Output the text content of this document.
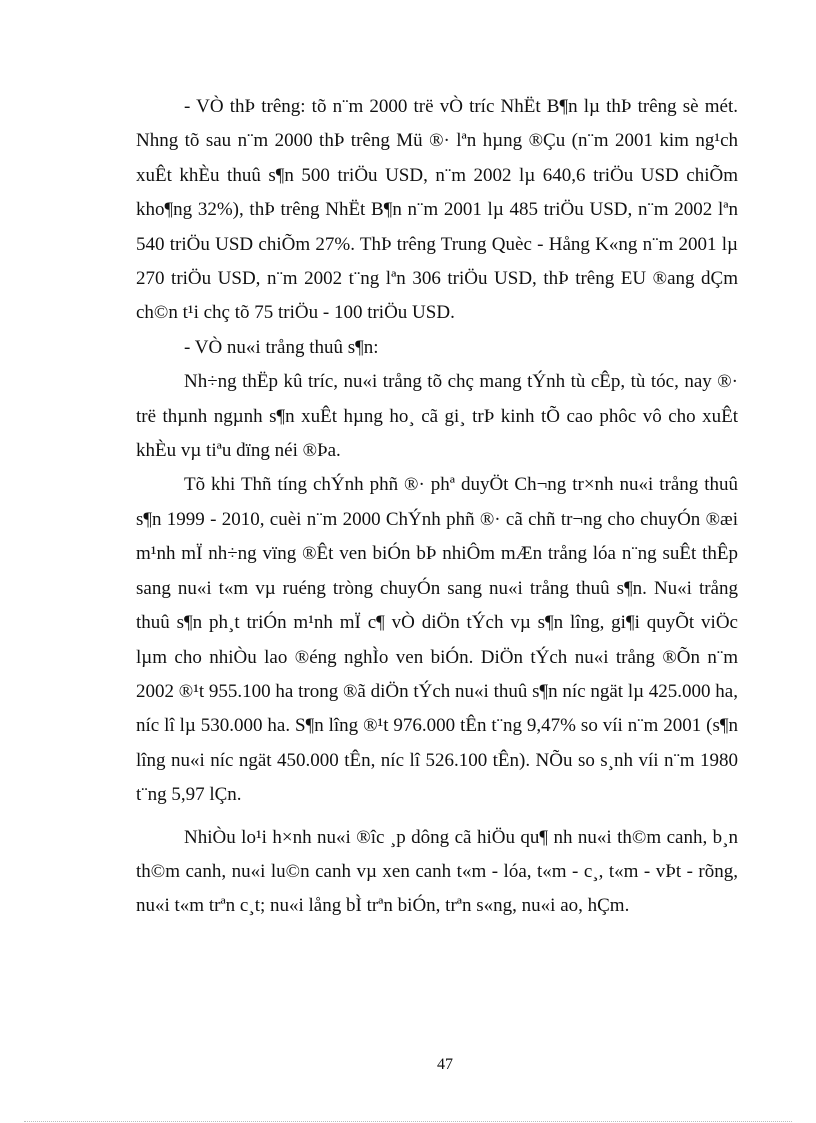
- VÒ thÞ trêng: tõ n¨m 2000 trë vÒ tríc NhËt B¶n lµ thÞ trêng sè mét. Nhng tõ sau n¨m 2000 thÞ trêng Mü ®· lªn hµng ®Çu (n¨m 2001 kim ng¹ch xuÊt khÈu thuû s¶n 500 triÖu USD, n¨m 2002 lµ 640,6 triÖu USD chiÕm kho¶ng 32%), thÞ trêng NhËt B¶n n¨m 2001 lµ 485 triÖu USD, n¨m 2002 lªn 540 triÖu USD chiÕm 27%. ThÞ trêng Trung Quèc - Hång K«ng n¨m 2001 lµ 270 triÖu USD, n¨m 2002 t¨ng lªn 306 triÖu USD, thÞ trêng EU ®ang dÇm ch©n t¹i chç tõ 75 triÖu - 100 triÖu USD.

- VÒ nu«i trång thuû s¶n:

Nh÷ng thËp kû tríc, nu«i trång tõ chç mang tÝnh tù cÊp, tù tóc, nay ®· trë thµnh ngµnh s¶n xuÊt hµng ho¸ cã gi¸ trÞ kinh tÕ cao phôc vô cho xuÊt khÈu vµ tiªu dïng néi ®Þa.

Tõ khi Thñ tíng chÝnh phñ ®· phª duyÖt Ch¬ng tr×nh nu«i trång thuû s¶n 1999 - 2010, cuèi n¨m 2000 ChÝnh phñ ®· cã chñ tr¬ng cho chuyÓn ®æi m¹nh mÏ nh÷ng vïng ®Êt ven biÓn bÞ nhiÔm mÆn trång lóa n¨ng suÊt thÊp sang nu«i t«m vµ ruéng tròng chuyÓn sang nu«i trång thuû s¶n. Nu«i trång thuû s¶n ph¸t triÓn m¹nh mÏ c¶ vÒ diÖn tÝch vµ s¶n lîng, gi¶i quyÕt viÖc lµm cho nhiÒu lao ®éng nghÌo ven biÓn. DiÖn tÝch nu«i trång ®Õn n¨m 2002 ®¹t 955.100 ha trong ®ã diÖn tÝch nu«i thuû s¶n níc ngät lµ 425.000 ha, níc lî lµ 530.000 ha. S¶n lîng ®¹t 976.000 tÊn t¨ng 9,47% so víi n¨m 2001 (s¶n lîng nu«i níc ngät 450.000 tÊn, níc lî 526.100 tÊn). NÕu so s¸nh víi n¨m 1980 t¨ng 5,97 lÇn.

NhiÒu lo¹i h×nh nu«i ®îc ¸p dông cã hiÖu qu¶ nh nu«i th©m canh, b¸n th©m canh, nu«i lu©n canh vµ xen canh t«m - lóa, t«m - c¸, t«m - vÞt - rõng, nu«i t«m trªn c¸t; nu«i lång bÌ trªn biÓn, trªn s«ng, nu«i ao, hÇm.

47
